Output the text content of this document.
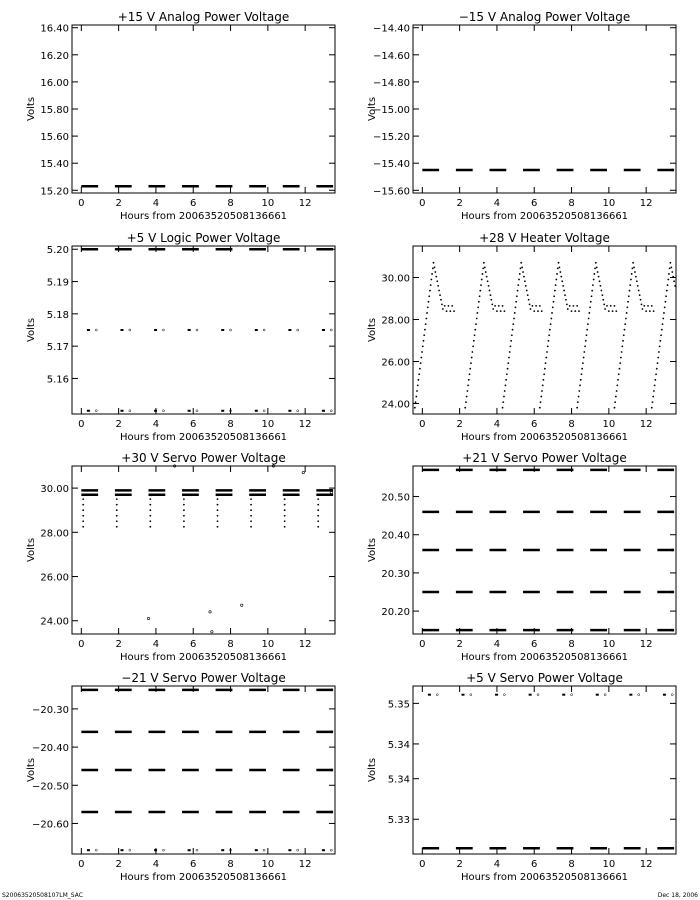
+15 V Analog Power Voltage
Hours from 20063520508136661
Volts
0	2	4	6	8	10 12
15.20
15.40
15.60
15.80
16.00
16.20
16.40
−15 V Analog Power Voltage
Hours from 20063520508136661
Volts
0	2	4	6	8	10 12
−14.40
−14.60
−14.80
−15.00
−15.20
−15.40
−15.60
+5 V Logic Power Voltage
Hours from 20063520508136661
Volts
0	2	4	6	8	10 12
5.16
5.17
5.18
5.19
5.20
+28 V Heater Voltage
Hours from 20063520508136661
Volts
0	2	4	6	8	10 12
24.00
26.00
28.00
30.00
+30 V Servo Power Voltage
Hours from 20063520508136661
Volts
0	2	4	6	8	10 12
24.00
26.00
28.00
30.00
+21 V Servo Power Voltage
Hours from 20063520508136661
Volts
0	2	4	6	8	10 12
20.20
20.30
20.40
20.50
−21 V Servo Power Voltage
Hours from 20063520508136661
Volts
0	2	4	6	8	10 12
−20.30
−20.40
−20.50
−20.60
+5 V Servo Power Voltage
Hours from 20063520508136661
Volts
0	2	4	6	8	10 12
5.33
5.34
5.34
5.35
S20063520508107LM_SAC	Dec 18, 2006
